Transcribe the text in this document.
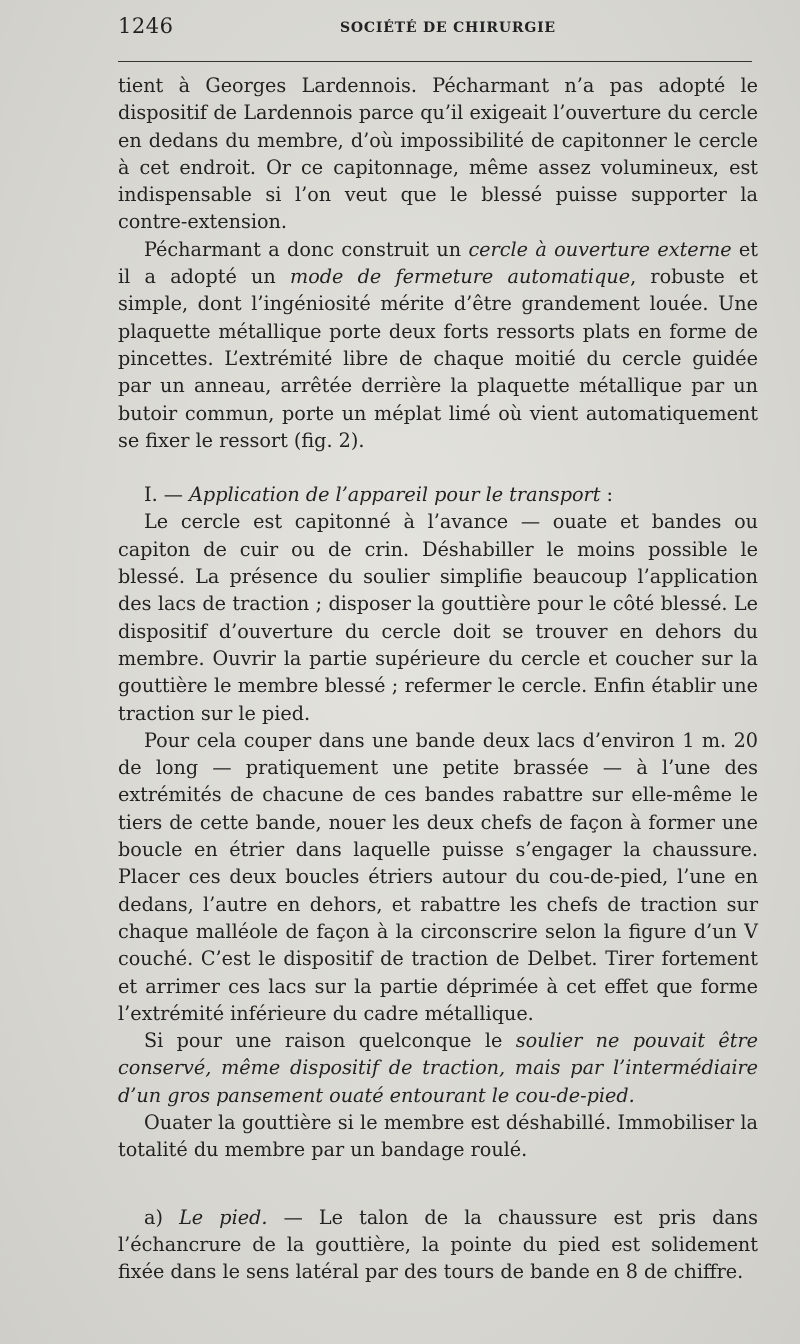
1246	SOCIÉTÉ DE CHIRURGIE

tient à Georges Lardennois. Pécharmant n’a pas adopté le dispositif de Lardennois parce qu’il exigeait l’ouverture du cercle en dedans du membre, d’où impossibilité de capitonner le cercle à cet endroit. Or ce capitonnage, même assez volumineux, est indispensable si l’on veut que le blessé puisse supporter la contre-extension.

Pécharmant a donc construit un cercle à ouverture externe et il a adopté un mode de fermeture automatique, robuste et simple, dont l’ingéniosité mérite d’être grandement louée. Une plaquette métallique porte deux forts ressorts plats en forme de pincettes. L’extrémité libre de chaque moitié du cercle guidée par un anneau, arrêtée derrière la plaquette métallique par un butoir commun, porte un méplat limé où vient automatiquement se fixer le ressort (fig. 2).

I. — Application de l’appareil pour le transport :

Le cercle est capitonné à l’avance — ouate et bandes ou capiton de cuir ou de crin. Déshabiller le moins possible le blessé. La présence du soulier simplifie beaucoup l’application des lacs de traction ; disposer la gouttière pour le côté blessé. Le dispositif d’ouverture du cercle doit se trouver en dehors du membre. Ouvrir la partie supérieure du cercle et coucher sur la gouttière le membre blessé ; refermer le cercle. Enfin établir une traction sur le pied.

Pour cela couper dans une bande deux lacs d’environ 1 m. 20 de long — pratiquement une petite brassée — à l’une des extrémités de chacune de ces bandes rabattre sur elle-même le tiers de cette bande, nouer les deux chefs de façon à former une boucle en étrier dans laquelle puisse s’engager la chaussure. Placer ces deux boucles étriers autour du cou-de-pied, l’une en dedans, l’autre en dehors, et rabattre les chefs de traction sur chaque malléole de façon à la circonscrire selon la figure d’un V couché. C’est le dispositif de traction de Delbet. Tirer fortement et arrimer ces lacs sur la partie déprimée à cet effet que forme l’extrémité inférieure du cadre métallique.

Si pour une raison quelconque le soulier ne pouvait être conservé, même dispositif de traction, mais par l’intermédiaire d’un gros pansement ouaté entourant le cou-de-pied.

Ouater la gouttière si le membre est déshabillé. Immobiliser la totalité du membre par un bandage roulé.

a) Le pied. — Le talon de la chaussure est pris dans l’échancrure de la gouttière, la pointe du pied est solidement fixée dans le sens latéral par des tours de bande en 8 de chiffre.
